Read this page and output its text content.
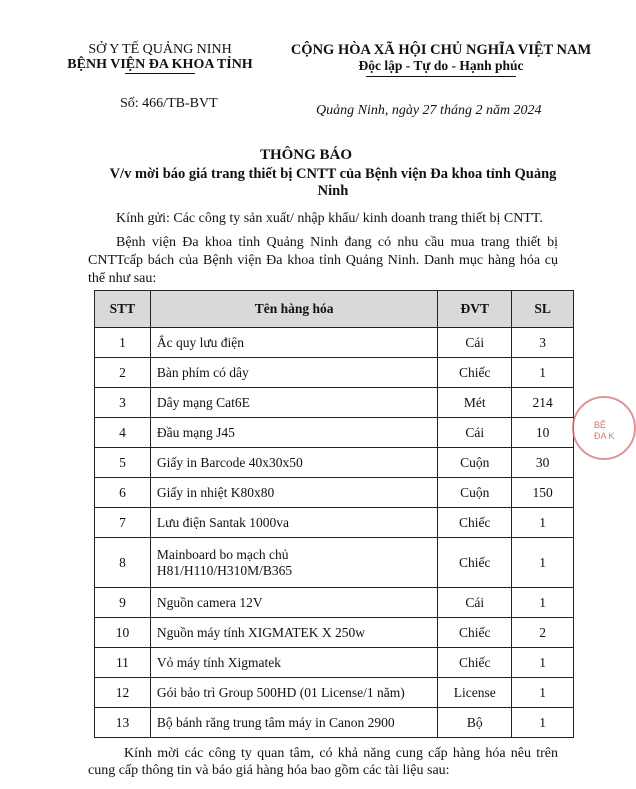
SỞ Y TẾ QUẢNG NINH
BỆNH VIỆN ĐA KHOA TỈNH
CỘNG HÒA XÃ HỘI CHỦ NGHĨA VIỆT NAM
Độc lập - Tự do - Hạnh phúc
Số: 466/TB-BVT	Quảng Ninh, ngày 27 tháng 2 năm 2024
THÔNG BÁO
V/v mời báo giá trang thiết bị CNTT của Bệnh viện Đa khoa tỉnh Quảng Ninh
Kính gửi: Các công ty sản xuất/ nhập khẩu/ kinh doanh trang thiết bị CNTT.
Bệnh viện Đa khoa tỉnh Quảng Ninh đang có nhu cầu mua trang thiết bị CNTTcấp bách của Bệnh viện Đa khoa tỉnh Quảng Ninh. Danh mục hàng hóa cụ thể như sau:
STT	Tên hàng hóa	ĐVT	SL
1	Ắc quy lưu điện	Cái	3
2	Bàn phím có dây	Chiếc	1
3	Dây mạng Cat6E	Mét	214
4	Đầu mạng J45	Cái	10
5	Giấy in Barcode 40x30x50	Cuộn	30
6	Giấy in nhiệt K80x80	Cuộn	150
7	Lưu điện Santak 1000va	Chiếc	1
8	Mainboard bo mạch chủ H81/H110/H310M/B365	Chiếc	1
9	Nguồn camera 12V	Cái	1
10	Nguồn máy tính XIGMATEK X 250w	Chiếc	2
11	Vỏ máy tính Xigmatek	Chiếc	1
12	Gói bảo trì Group 500HD (01 License/1 năm)	License	1
13	Bộ bánh răng trung tâm máy in Canon 2900	Bộ	1
BỆ
ĐA K
Kính mời các công ty quan tâm, có khả năng cung cấp hàng hóa nêu trên cung cấp thông tin và báo giá hàng hóa bao gồm các tài liệu sau:
